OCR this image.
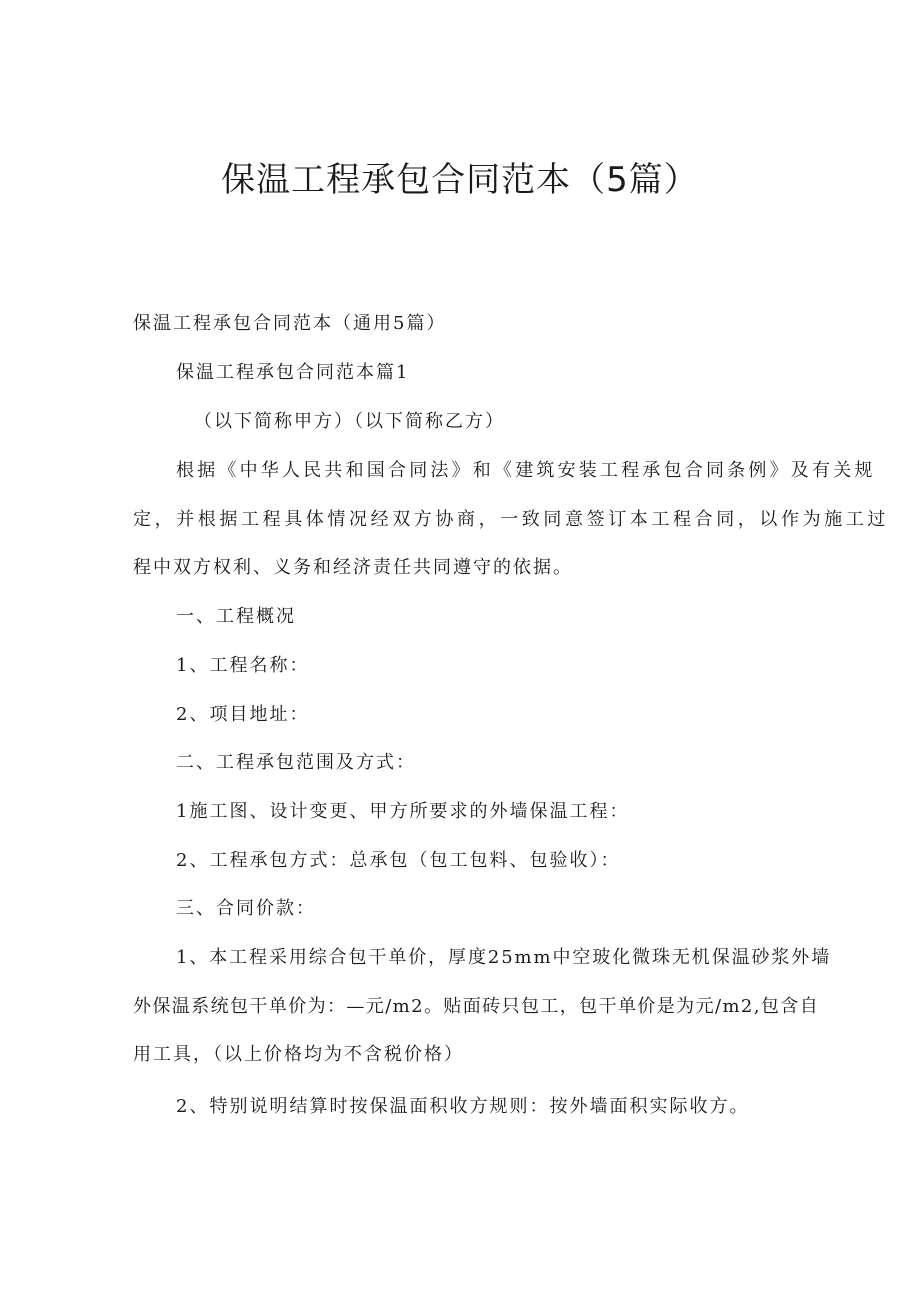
保温工程承包合同范本（5篇）
保温工程承包合同范本（通用5篇）
保温工程承包合同范本篇1
（以下简称甲方）（以下简称乙方）
根据《中华人民共和国合同法》和《建筑安装工程承包合同条例》及有关规
定，并根据工程具体情况经双方协商，一致同意签订本工程合同，以作为施工过
程中双方权利、义务和经济责任共同遵守的依据。
一、工程概况
1、工程名称：
2、项目地址：
二、工程承包范围及方式：
1施工图、设计变更、甲方所要求的外墙保温工程：
2、工程承包方式：总承包（包工包料、包验收）：
三、合同价款：
1、本工程采用综合包干单价，厚度25mm中空玻化微珠无机保温砂浆外墙
外保温系统包干单价为：—元/m2。贴面砖只包工，包干单价是为元/m2,包含自
用工具，（以上价格均为不含税价格）
2、特别说明结算时按保温面积收方规则：按外墙面积实际收方。
